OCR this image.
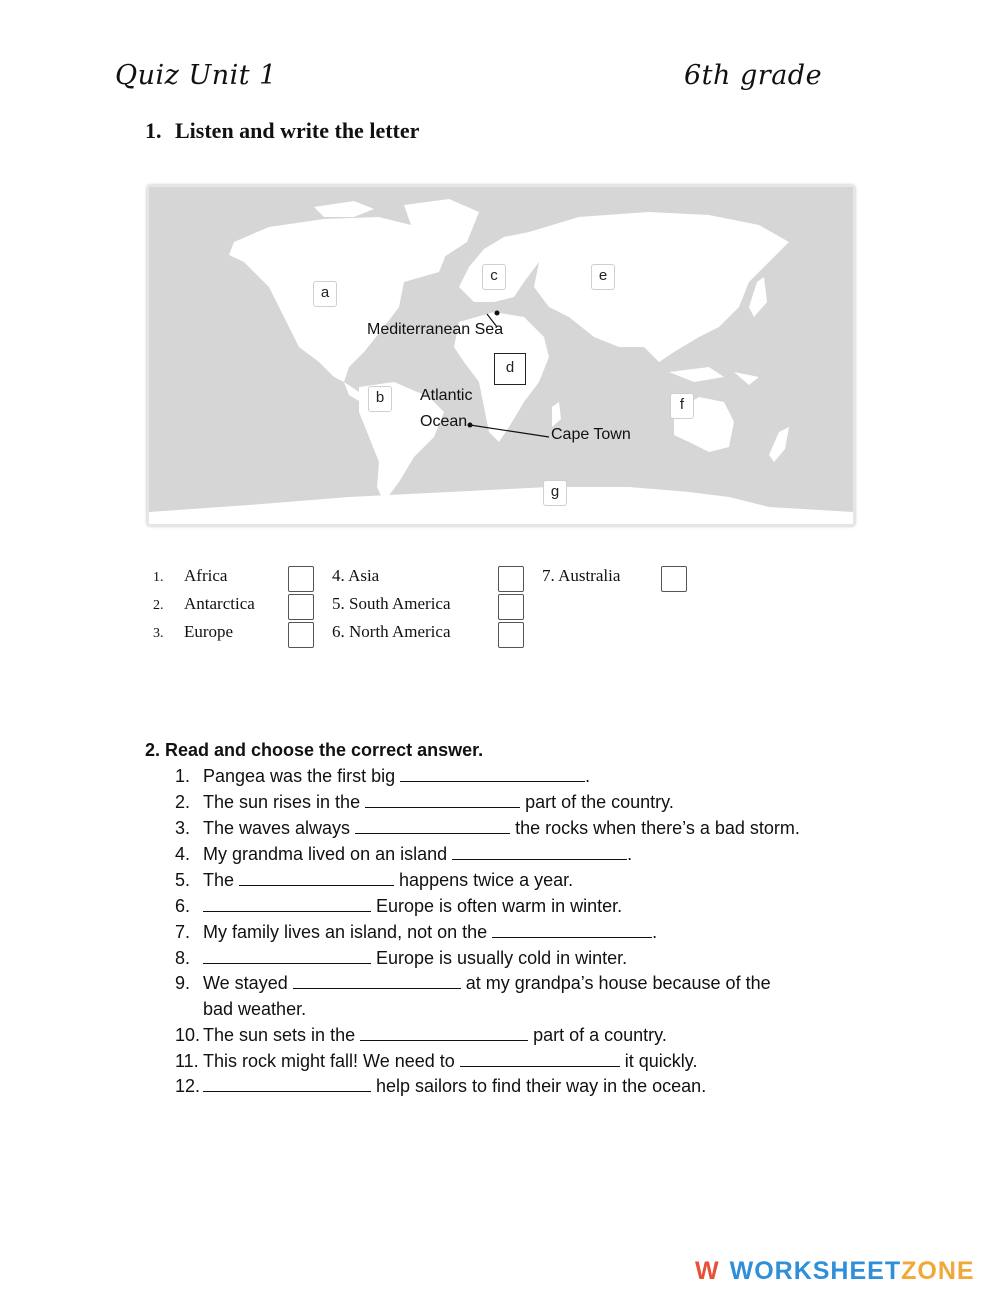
Quiz Unit 1	6th grade
1. Listen and write the letter
a
b
c
d
e
f
g
Mediterranean Sea
Atlantic
Ocean
Cape Town
1. Africa
2. Antarctica
3. Europe
4. Asia
5. South America
6. North America
7. Australia
2. Read and choose the correct answer.
1. Pangea was the first big	.
2. The sun rises in the	part of the country.
3. The waves always	the rocks when there’s a bad storm.
4. My grandma lived on an island	.
5. The	happens twice a year.
6.	Europe is often warm in winter.
7. My family lives an island, not on the	.
8.	Europe is usually cold in winter.
9. We stayed	at my grandpa’s house because of the
bad weather.
10. The sun sets in the	part of a country.
11. This rock might fall! We need to	it quickly.
12.	help sailors to find their way in the ocean.
W WORKSHEETZONE
